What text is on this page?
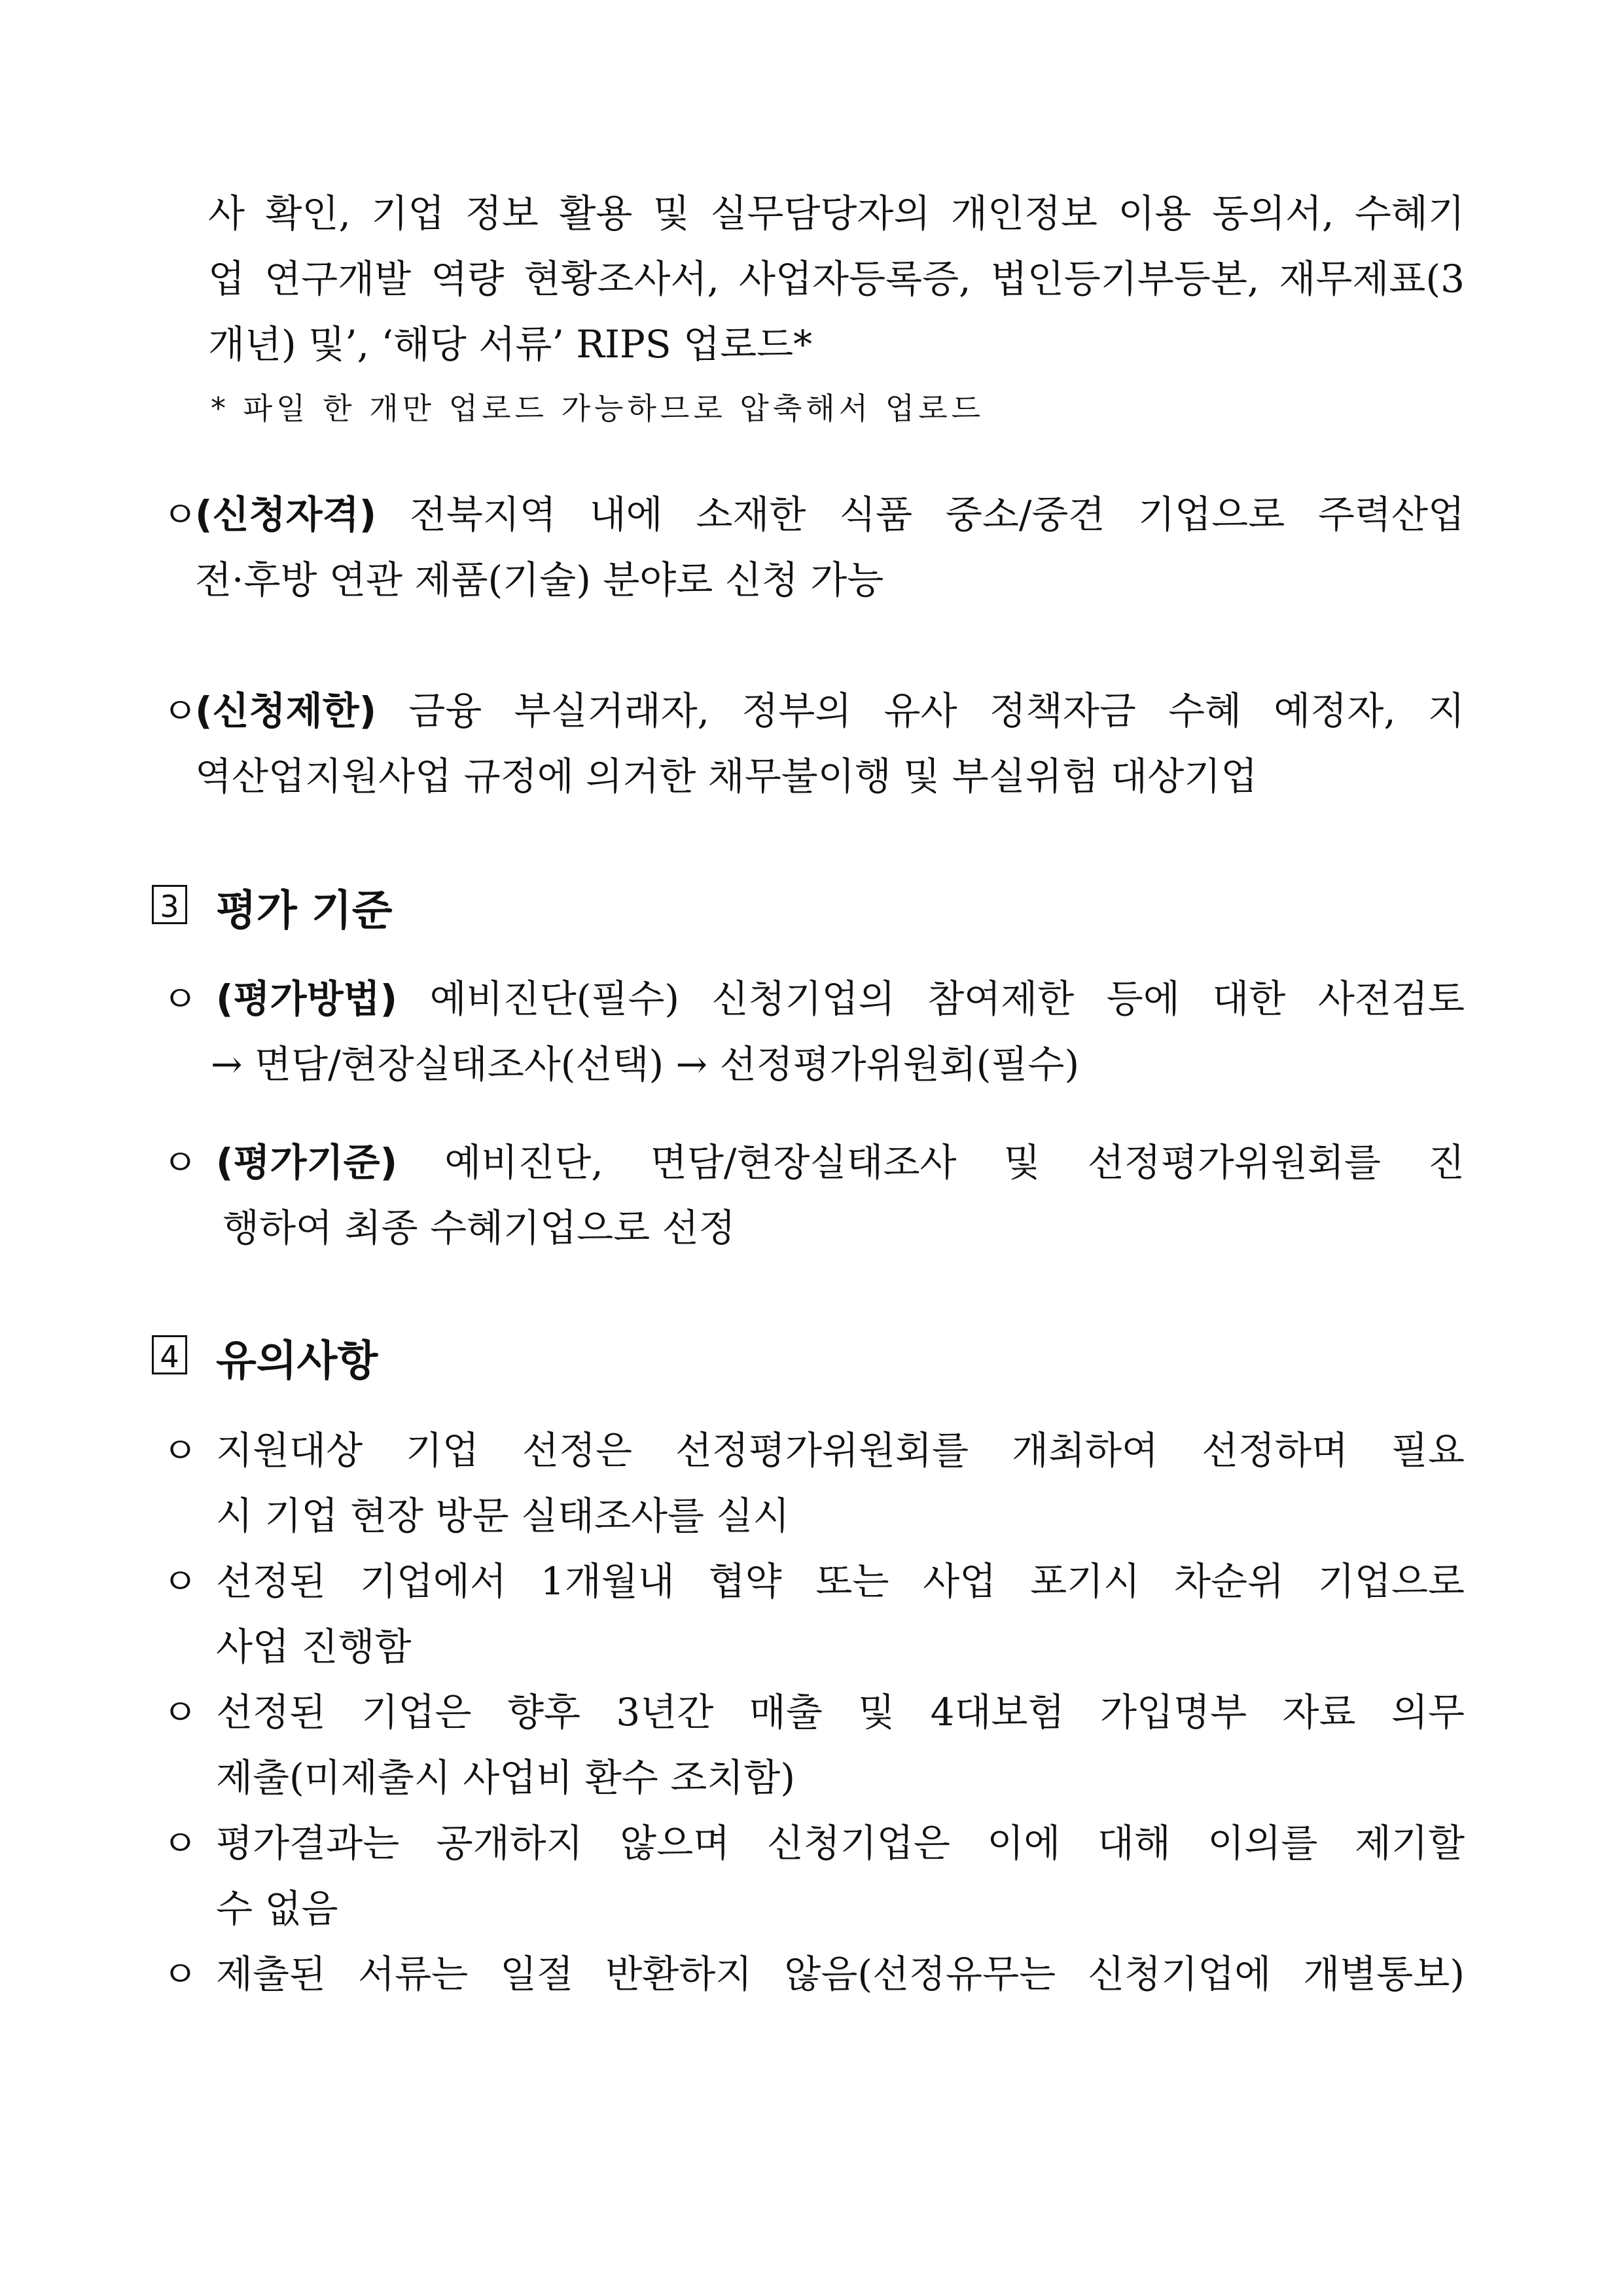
사 확인, 기업 정보 활용 및 실무담당자의 개인정보 이용 동의서, 수혜기
업 연구개발 역량 현황조사서, 사업자등록증, 법인등기부등본, 재무제표(3
개년) 및’, ‘해당 서류’ RIPS 업로드*
* 파일 한 개만 업로드 가능하므로 압축해서 업로드
ㅇ
(신청자격) 전북지역 내에 소재한 식품 중소/중견 기업으로 주력산업
전·후방 연관 제품(기술) 분야로 신청 가능
ㅇ
(신청제한) 금융 부실거래자, 정부의 유사 정책자금 수혜 예정자, 지
역산업지원사업 규정에 의거한 채무불이행 및 부실위험 대상기업
3 평가 기준
ㅇ (평가방법) 예비진단(필수) 신청기업의 참여제한 등에 대한 사전검토
→ 면담/현장실태조사(선택) → 선정평가위원회(필수)
ㅇ (평가기준) 예비진단, 면담/현장실태조사 및 선정평가위원회를 진
행하여 최종 수혜기업으로 선정
4 유의사항
ㅇ 지원대상 기업 선정은 선정평가위원회를 개최하여 선정하며 필요
시 기업 현장 방문 실태조사를 실시
ㅇ 선정된 기업에서 1개월내 협약 또는 사업 포기시 차순위 기업으로
사업 진행함
ㅇ 선정된 기업은 향후 3년간 매출 및 4대보험 가입명부 자료 의무
제출(미제출시 사업비 환수 조치함)
ㅇ 평가결과는 공개하지 않으며 신청기업은 이에 대해 이의를 제기할
수 없음
ㅇ 제출된 서류는 일절 반환하지 않음(선정유무는 신청기업에 개별통보)
